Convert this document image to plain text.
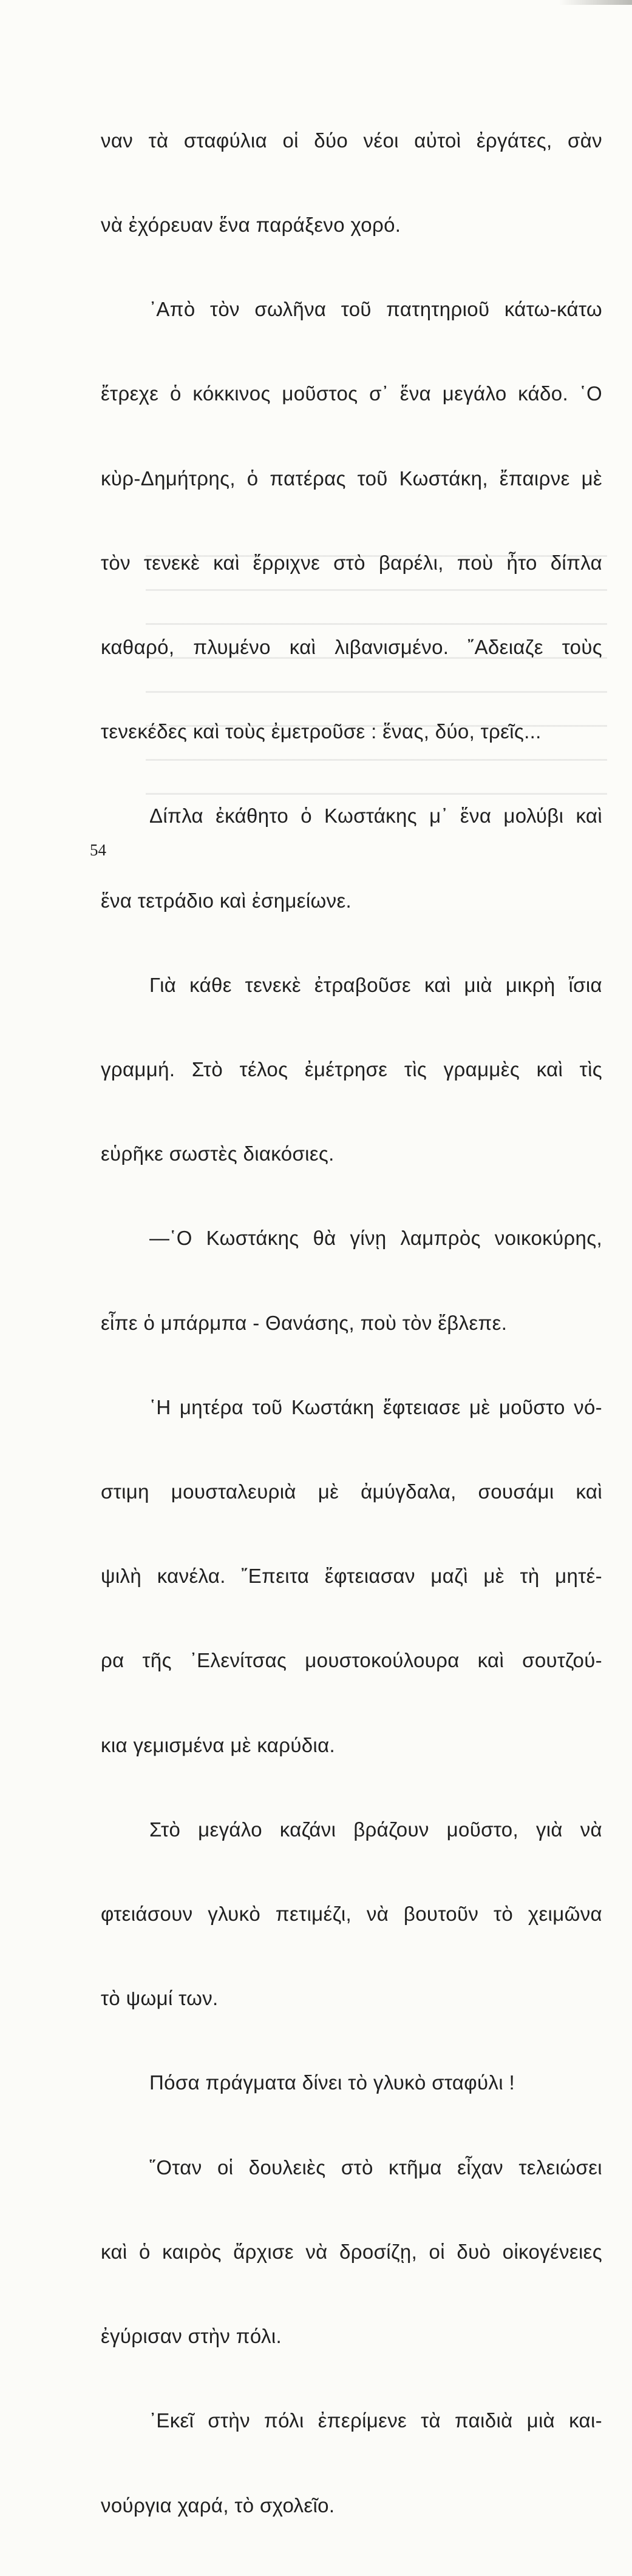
ναν τὰ σταφύλια οἱ δύο νέοι αὐτοὶ ἐργάτες, σὰν

νὰ ἐχόρευαν ἕνα παράξενο χορό.

᾿Απὸ τὸν σωλῆνα τοῦ πατητηριοῦ κάτω-κάτω

ἔτρεχε ὁ κόκκινος μοῦστος σ᾿ ἕνα μεγάλο κάδο. ῾Ο

κὺρ-Δημήτρης, ὁ πατέρας τοῦ Κωστάκη, ἔπαιρνε μὲ

τὸν τενεκὲ καὶ ἔρριχνε στὸ βαρέλι, ποὺ ἦτο δίπλα

καθαρό, πλυμένο καὶ λιβανισμένο. ῎Αδειαζε τοὺς

τενεκέδες καὶ τοὺς ἐμετροῦσε : ἕνας, δύο, τρεῖς...

Δίπλα ἐκάθητο ὁ Κωστάκης μ᾿ ἕνα μολύβι καὶ

ἕνα τετράδιο καὶ ἐσημείωνε.

Γιὰ κάθε τενεκὲ ἐτραβοῦσε καὶ μιὰ μικρὴ ἴσια

γραμμή. Στὸ τέλος ἐμέτρησε τὶς γραμμὲς καὶ τὶς

εὑρῆκε σωστὲς διακόσιες.

—῾Ο Κωστάκης θὰ γίνῃ λαμπρὸς νοικοκύρης,

εἶπε ὁ μπάρμπα - Θανάσης, ποὺ τὸν ἔβλεπε.

῾Η μητέρα τοῦ Κωστάκη ἔφτειασε μὲ μοῦστο νό-

στιμη μουσταλευριὰ μὲ ἀμύγδαλα, σουσάμι καὶ

ψιλὴ κανέλα. ῎Επειτα ἔφτειασαν μαζὶ μὲ τὴ μητέ-

ρα τῆς ᾿Ελενίτσας μουστοκούλουρα καὶ σουτζού-

κια γεμισμένα μὲ καρύδια.

Στὸ μεγάλο καζάνι βράζουν μοῦστο, γιὰ νὰ

φτειάσουν γλυκὸ πετιμέζι, νὰ βουτοῦν τὸ χειμῶνα

τὸ ψωμί των.

Πόσα πράγματα δίνει τὸ γλυκὸ σταφύλι !

῞Οταν οἱ δουλειὲς στὸ κτῆμα εἶχαν τελειώσει

καὶ ὁ καιρὸς ἄρχισε νὰ δροσίζῃ, οἱ δυὸ οἰκογένειες

ἐγύρισαν στὴν πόλι.

᾿Εκεῖ στὴν πόλι ἐπερίμενε τὰ παιδιὰ μιὰ και-

νούργια χαρά, τὸ σχολεῖο.

54
